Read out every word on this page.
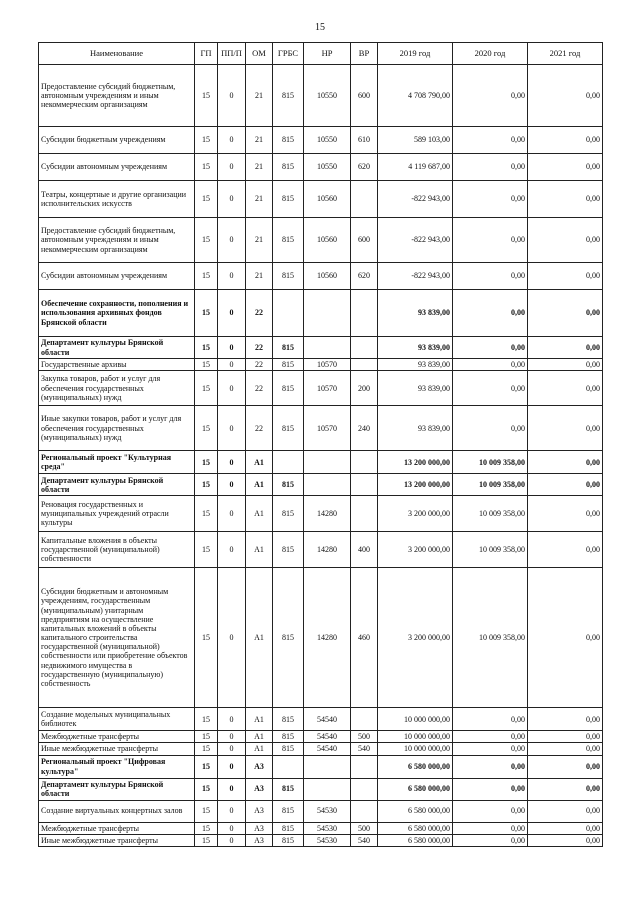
15
Наименование	ГП	ПП/П	ОМ	ГРБС	НР	ВР	2019 год	2020 год	2021 год
Предоставление субсидий бюджетным, автономным учреждениям и иным некоммерческим организациям	15	0	21	815	10550	600	4 708 790,00	0,00	0,00
Субсидии бюджетным учреждениям	15	0	21	815	10550	610	589 103,00	0,00	0,00
Субсидии автономным учреждениям	15	0	21	815	10550	620	4 119 687,00	0,00	0,00
Театры, концертные и другие организации исполнительских искусств	15	0	21	815	10560		-822 943,00	0,00	0,00
Предоставление субсидий бюджетным, автономным учреждениям и иным некоммерческим организациям	15	0	21	815	10560	600	-822 943,00	0,00	0,00
Субсидии автономным учреждениям	15	0	21	815	10560	620	-822 943,00	0,00	0,00
Обеспечение сохранности, пополнения и использования архивных фондов Брянской области	15	0	22				93 839,00	0,00	0,00
Департамент культуры Брянской области	15	0	22	815			93 839,00	0,00	0,00
Государственные архивы	15	0	22	815	10570		93 839,00	0,00	0,00
Закупка товаров, работ и услуг для обеспечения государственных (муниципальных) нужд	15	0	22	815	10570	200	93 839,00	0,00	0,00
Иные закупки товаров, работ и услуг для обеспечения государственных (муниципальных) нужд	15	0	22	815	10570	240	93 839,00	0,00	0,00
Региональный проект "Культурная среда"	15	0	A1				13 200 000,00	10 009 358,00	0,00
Департамент культуры Брянской области	15	0	A1	815			13 200 000,00	10 009 358,00	0,00
Реновация государственных и муниципальных учреждений отрасли культуры	15	0	A1	815	14280		3 200 000,00	10 009 358,00	0,00
Капитальные вложения в объекты государственной (муниципальной) собственности	15	0	A1	815	14280	400	3 200 000,00	10 009 358,00	0,00
Субсидии бюджетным и автономным учреждениям, государственным (муниципальным) унитарным предприятиям на осуществление капитальных вложений в объекты капитального строительства государственной (муниципальной) собственности или приобретение объектов недвижимого имущества в государственную (муниципальную) собственность	15	0	A1	815	14280	460	3 200 000,00	10 009 358,00	0,00
Создание модельных муниципальных библиотек	15	0	A1	815	54540		10 000 000,00	0,00	0,00
Межбюджетные трансферты	15	0	A1	815	54540	500	10 000 000,00	0,00	0,00
Иные межбюджетные трансферты	15	0	A1	815	54540	540	10 000 000,00	0,00	0,00
Региональный проект "Цифровая культура"	15	0	A3				6 580 000,00	0,00	0,00
Департамент культуры Брянской области	15	0	A3	815			6 580 000,00	0,00	0,00
Создание виртуальных концертных залов	15	0	A3	815	54530		6 580 000,00	0,00	0,00
Межбюджетные трансферты	15	0	A3	815	54530	500	6 580 000,00	0,00	0,00
Иные межбюджетные трансферты	15	0	A3	815	54530	540	6 580 000,00	0,00	0,00
